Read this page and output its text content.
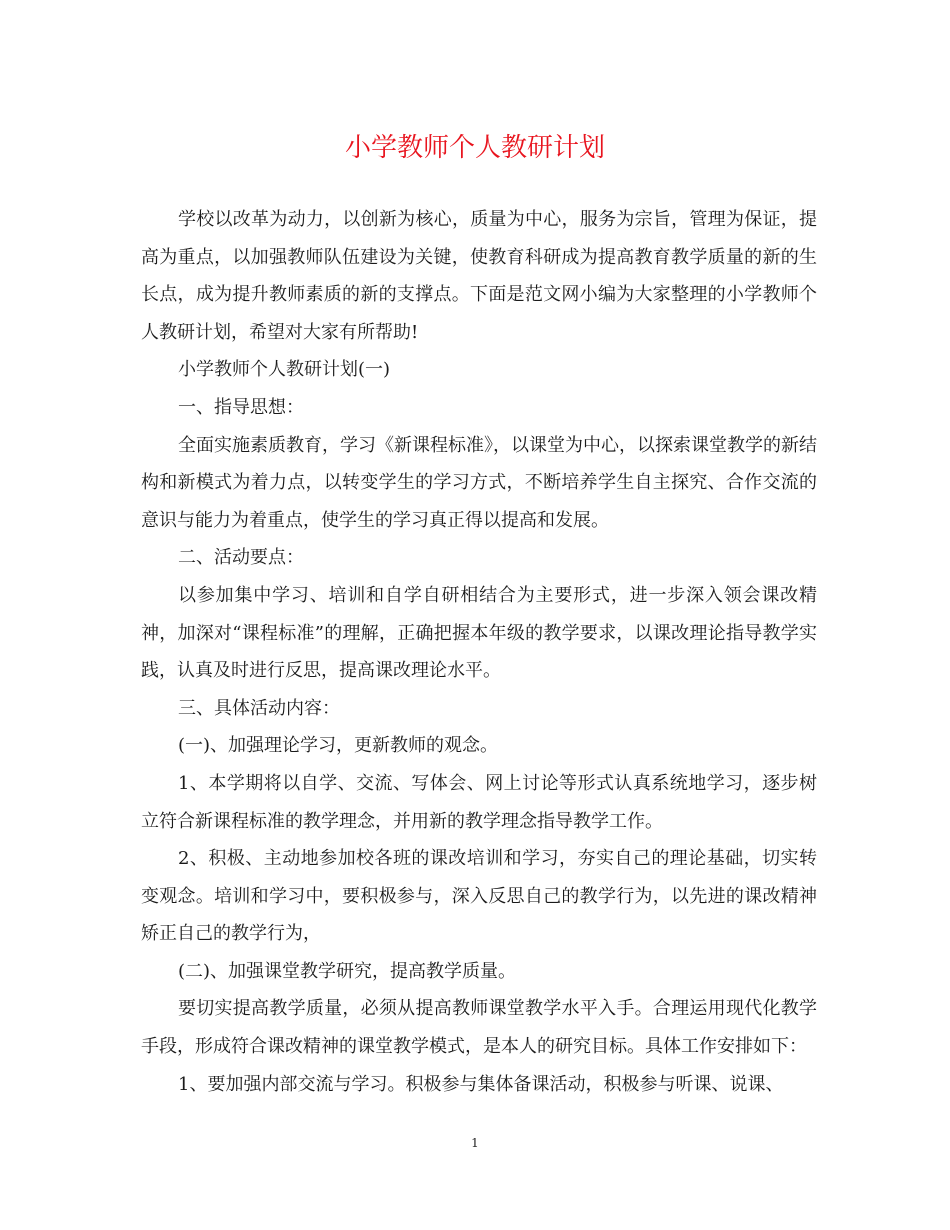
小学教师个人教研计划

学校以改革为动力，以创新为核心，质量为中心，服务为宗旨，管理为保证，提高为重点，以加强教师队伍建设为关键，使教育科研成为提高教育教学质量的新的生长点，成为提升教师素质的新的支撑点。下面是范文网小编为大家整理的小学教师个人教研计划，希望对大家有所帮助!

小学教师个人教研计划(一)

一、指导思想：

全面实施素质教育，学习《新课程标准》，以课堂为中心，以探索课堂教学的新结构和新模式为着力点，以转变学生的学习方式，不断培养学生自主探究、合作交流的意识与能力为着重点，使学生的学习真正得以提高和发展。

二、活动要点：

以参加集中学习、培训和自学自研相结合为主要形式，进一步深入领会课改精神，加深对“课程标准”的理解，正确把握本年级的教学要求，以课改理论指导教学实践，认真及时进行反思，提高课改理论水平。

三、具体活动内容：

(一)、加强理论学习，更新教师的观念。

1、本学期将以自学、交流、写体会、网上讨论等形式认真系统地学习，逐步树立符合新课程标准的教学理念，并用新的教学理念指导教学工作。

2、积极、主动地参加校各班的课改培训和学习，夯实自己的理论基础，切实转变观念。培训和学习中，要积极参与，深入反思自己的教学行为，以先进的课改精神矫正自己的教学行为，

(二)、加强课堂教学研究，提高教学质量。

要切实提高教学质量，必须从提高教师课堂教学水平入手。合理运用现代化教学手段，形成符合课改精神的课堂教学模式，是本人的研究目标。具体工作安排如下：

1、要加强内部交流与学习。积极参与集体备课活动，积极参与听课、说课、

1
